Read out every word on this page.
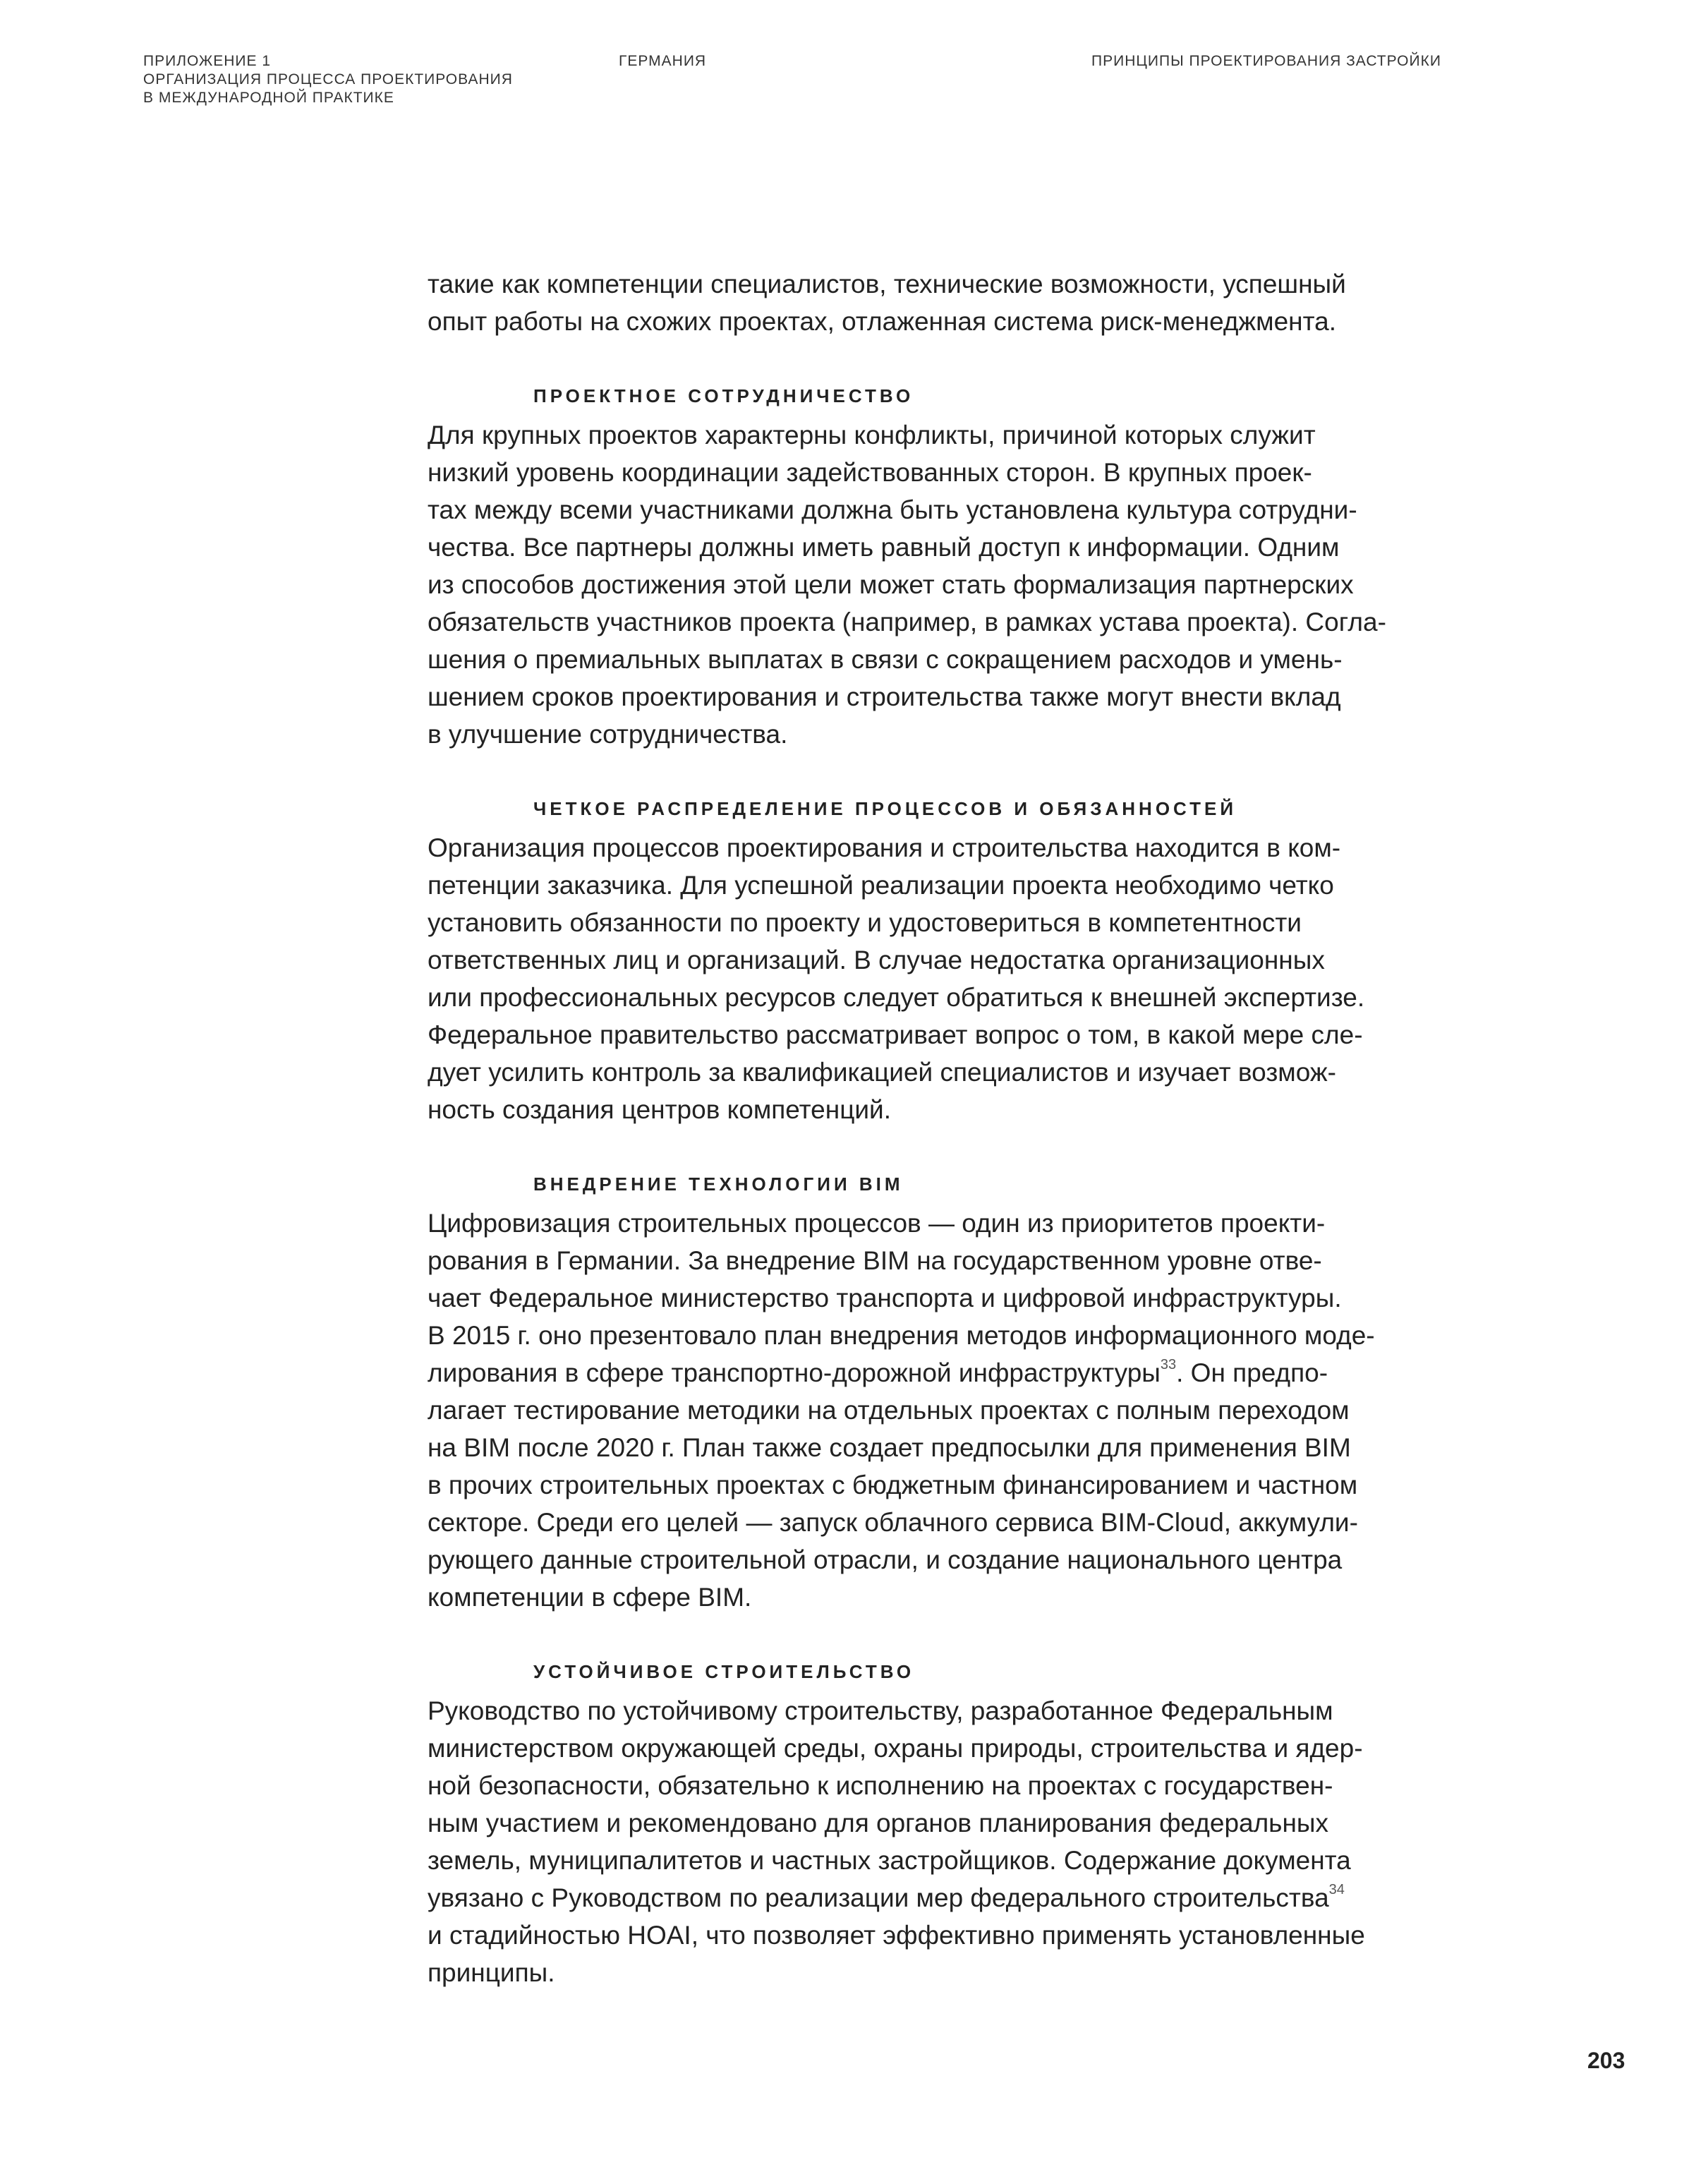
ПРИЛОЖЕНИЕ 1
ОРГАНИЗАЦИЯ ПРОЦЕССА ПРОЕКТИРОВАНИЯ
В МЕЖДУНАРОДНОЙ ПРАКТИКЕ
ГЕРМАНИЯ	ПРИНЦИПЫ ПРОЕКТИРОВАНИЯ ЗАСТРОЙКИ

такие как компетенции специалистов, технические возможности, успешный
опыт работы на схожих проектах, отлаженная система риск-менеджмента.

ПРОЕКТНОЕ СОТРУДНИЧЕСТВО

Для крупных проектов характерны конфликты, причиной которых служит
низкий уровень координации задействованных сторон. В крупных проек-
тах между всеми участниками должна быть установлена культура сотрудни-
чества. Все партнеры должны иметь равный доступ к информации. Одним
из способов достижения этой цели может стать формализация партнерских
обязательств участников проекта (например, в рамках устава проекта). Согла-
шения о премиальных выплатах в связи с сокращением расходов и умень-
шением сроков проектирования и строительства также могут внести вклад
в улучшение сотрудничества.

ЧЕТКОЕ РАСПРЕДЕЛЕНИЕ ПРОЦЕССОВ И ОБЯЗАННОСТЕЙ

Организация процессов проектирования и строительства находится в ком-
петенции заказчика. Для успешной реализации проекта необходимо четко
установить обязанности по проекту и удостовериться в компетентности
ответственных лиц и организаций. В случае недостатка организационных
или профессиональных ресурсов следует обратиться к внешней экспертизе.
Федеральное правительство рассматривает вопрос о том, в какой мере сле-
дует усилить контроль за квалификацией специалистов и изучает возмож-
ность создания центров компетенций.

ВНЕДРЕНИЕ ТЕХНОЛОГИИ BIM

Цифровизация строительных процессов — один из приоритетов проекти-
рования в Германии. За внедрение BIM на государственном уровне отве-
чает Федеральное министерство транспорта и цифровой инфраструктуры.
В 2015 г. оно презентовало план внедрения методов информационного моде-
лирования в сфере транспортно-дорожной инфраструктуры$^{33}$. Он предпо-
лагает тестирование методики на отдельных проектах с полным переходом
на BIM после 2020 г. План также создает предпосылки для применения BIM
в прочих строительных проектах с бюджетным финансированием и частном
секторе. Среди его целей — запуск облачного сервиса BIM-Cloud, аккумули-
рующего данные строительной отрасли, и создание национального центра
компетенции в сфере BIM.

УСТОЙЧИВОЕ СТРОИТЕЛЬСТВО

Руководство по устойчивому строительству, разработанное Федеральным
министерством окружающей среды, охраны природы, строительства и ядер-
ной безопасности, обязательно к исполнению на проектах с государствен-
ным участием и рекомендовано для органов планирования федеральных
земель, муниципалитетов и частных застройщиков. Содержание документа
увязано с Руководством по реализации мер федерального строительства$^{34}$
и стадийностью HOAI, что позволяет эффективно применять установленные
принципы.

203
